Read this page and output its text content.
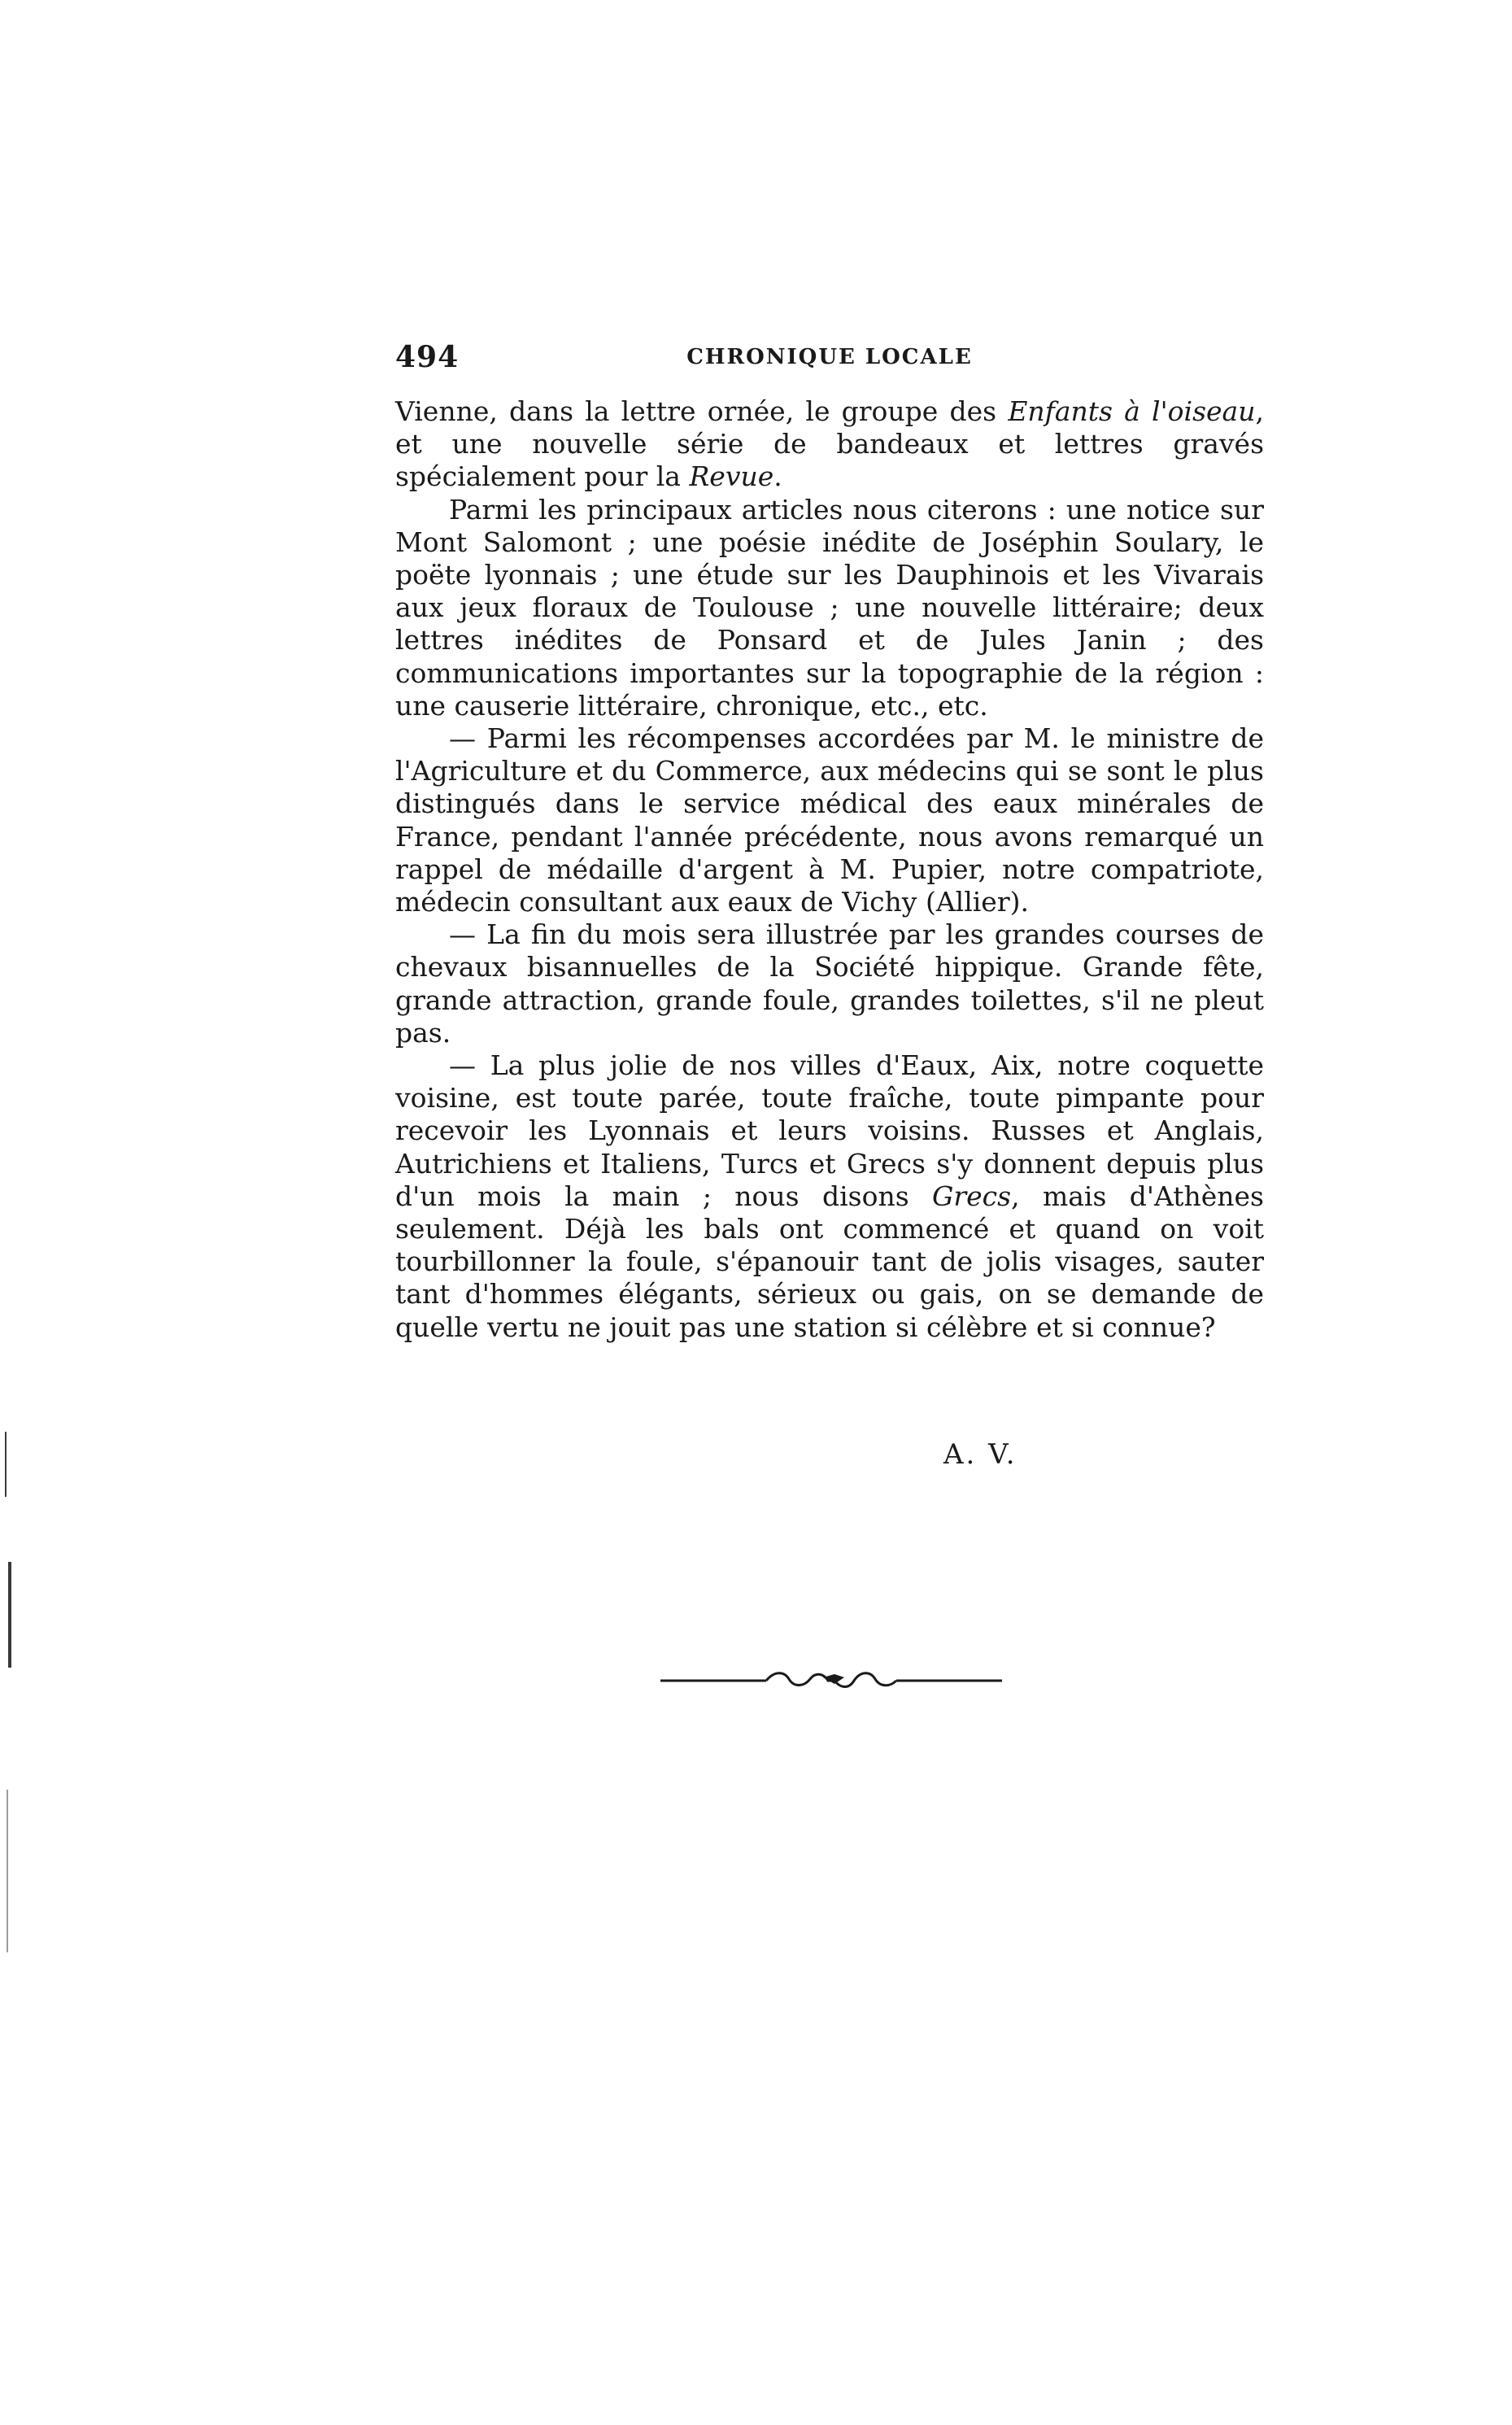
494	CHRONIQUE LOCALE

Vienne, dans la lettre ornée, le groupe des Enfants à l'oiseau, et une nouvelle série de bandeaux et lettres gravés spécialement pour la Revue.

Parmi les principaux articles nous citerons : une notice sur Mont Salomont ; une poésie inédite de Joséphin Soulary, le poëte lyonnais ; une étude sur les Dauphinois et les Vivarais aux jeux floraux de Toulouse ; une nouvelle littéraire; deux lettres inédites de Ponsard et de Jules Janin ; des communications importantes sur la topographie de la région : une causerie littéraire, chronique, etc., etc.

— Parmi les récompenses accordées par M. le ministre de l'Agriculture et du Commerce, aux médecins qui se sont le plus distingués dans le service médical des eaux minérales de France, pendant l'année précédente, nous avons remarqué un rappel de médaille d'argent à M. Pupier, notre compatriote, médecin consultant aux eaux de Vichy (Allier).

— La fin du mois sera illustrée par les grandes courses de chevaux bisannuelles de la Société hippique. Grande fête, grande attraction, grande foule, grandes toilettes, s'il ne pleut pas.

— La plus jolie de nos villes d'Eaux, Aix, notre coquette voisine, est toute parée, toute fraîche, toute pimpante pour recevoir les Lyonnais et leurs voisins. Russes et Anglais, Autrichiens et Italiens, Turcs et Grecs s'y donnent depuis plus d'un mois la main ; nous disons Grecs, mais d'Athènes seulement. Déjà les bals ont commencé et quand on voit tourbillonner la foule, s'épanouir tant de jolis visages, sauter tant d'hommes élégants, sérieux ou gais, on se demande de quelle vertu ne jouit pas une station si célèbre et si connue?

A. V.
